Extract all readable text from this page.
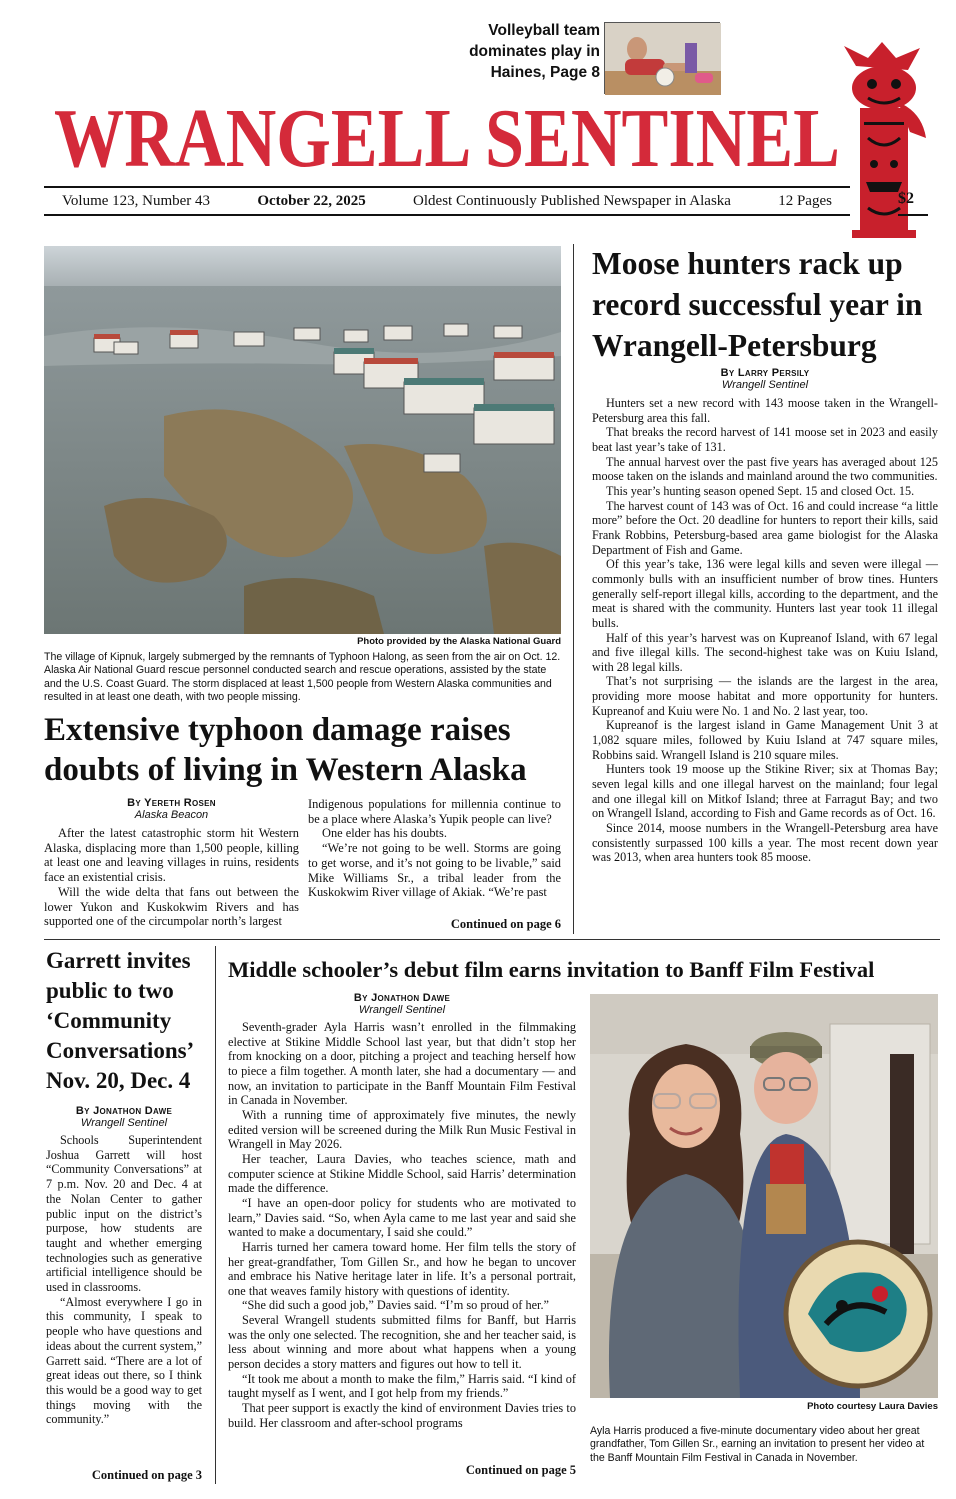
Volleyball team dominates play in Haines, Page 8
WRANGELL SENTINEL
Volume 123, Number 43	October 22, 2025	Oldest Continuously Published Newspaper in Alaska	12 Pages	$2
Photo provided by the Alaska National Guard
The village of Kipnuk, largely submerged by the remnants of Typhoon Halong, as seen from the air on Oct. 12. Alaska Air National Guard rescue personnel conducted search and rescue operations, assisted by the state and the U.S. Coast Guard. The storm displaced at least 1,500 people from Western Alaska communities and resulted in at least one death, with two people missing.
Extensive typhoon damage raises doubts of living in Western Alaska
By Yereth Rosen
Alaska Beacon

After the latest catastrophic storm hit Western Alaska, displacing more than 1,500 people, killing at least one and leaving villages in ruins, residents face an existential crisis.

Will the wide delta that fans out between the lower Yukon and Kuskokwim Rivers and has supported one of the circumpolar north’s largest

Indigenous populations for millennia continue to be a place where Alaska’s Yupik people can live?

One elder has his doubts.

“We’re not going to be well. Storms are going to get worse, and it’s not going to be livable,” said Mike Williams Sr., a tribal leader from the Kuskokwim River village of Akiak. “We’re past

Continued on page 6
Moose hunters rack up record successful year in Wrangell-Petersburg
By Larry Persily
Wrangell Sentinel

Hunters set a new record with 143 moose taken in the Wrangell-Petersburg area this fall.

That breaks the record harvest of 141 moose set in 2023 and easily beat last year’s take of 131.

The annual harvest over the past five years has averaged about 125 moose taken on the islands and mainland around the two communities.

This year’s hunting season opened Sept. 15 and closed Oct. 15.

The harvest count of 143 was of Oct. 16 and could increase “a little more” before the Oct. 20 deadline for hunters to report their kills, said Frank Robbins, Petersburg-based area game biologist for the Alaska Department of Fish and Game.

Of this year’s take, 136 were legal kills and seven were illegal — commonly bulls with an insufficient number of brow tines. Hunters generally self-report illegal kills, according to the department, and the meat is shared with the community. Hunters last year took 11 illegal bulls.

Half of this year’s harvest was on Kupreanof Island, with 67 legal and five illegal kills. The second-highest take was on Kuiu Island, with 28 legal kills.

That’s not surprising — the islands are the largest in the area, providing more moose habitat and more opportunity for hunters. Kupreanof and Kuiu were No. 1 and No. 2 last year, too.

Kupreanof is the largest island in Game Management Unit 3 at 1,082 square miles, followed by Kuiu Island at 747 square miles, Robbins said. Wrangell Island is 210 square miles.

Hunters took 19 moose up the Stikine River; six at Thomas Bay; seven legal kills and one illegal harvest on the mainland; four legal and one illegal kill on Mitkof Island; three at Farragut Bay; and two on Wrangell Island, according to Fish and Game records as of Oct. 16.

Since 2014, moose numbers in the Wrangell-Petersburg area have consistently surpassed 100 kills a year. The most recent down year was 2013, when area hunters took 85 moose.

Garrett invites public to two ‘Community Conversations’ Nov. 20, Dec. 4
By Jonathon Dawe
Wrangell Sentinel

Schools Superintendent Joshua Garrett will host “Community Conversations” at 7 p.m. Nov. 20 and Dec. 4 at the Nolan Center to gather public input on the district’s purpose, how students are taught and whether emerging technologies such as generative artificial intelligence should be used in classrooms.

“Almost everywhere I go in this community, I speak to people who have questions and ideas about the current system,” Garrett said. “There are a lot of great ideas out there, so I think this would be a good way to get things moving with the community.”

Continued on page 3
Middle schooler’s debut film earns invitation to Banff Film Festival
By Jonathon Dawe
Wrangell Sentinel

Seventh-grader Ayla Harris wasn’t enrolled in the filmmaking elective at Stikine Middle School last year, but that didn’t stop her from knocking on a door, pitching a project and teaching herself how to piece a film together. A month later, she had a documentary — and now, an invitation to participate in the Banff Mountain Film Festival in Canada in November.

With a running time of approximately five minutes, the newly edited version will be screened during the Milk Run Music Festival in Wrangell in May 2026.

Her teacher, Laura Davies, who teaches science, math and computer science at Stikine Middle School, said Harris’ determination made the difference.

“I have an open-door policy for students who are motivated to learn,” Davies said. “So, when Ayla came to me last year and said she wanted to make a documentary, I said she could.”

Harris turned her camera toward home. Her film tells the story of her great-grandfather, Tom Gillen Sr., and how he began to uncover and embrace his Native heritage later in life. It’s a personal portrait, one that weaves family history with questions of identity.

“She did such a good job,” Davies said. “I’m so proud of her.”

Several Wrangell students submitted films for Banff, but Harris was the only one selected. The recognition, she and her teacher said, is less about winning and more about what happens when a young person decides a story matters and figures out how to tell it.

“It took me about a month to make the film,” Harris said. “I kind of taught myself as I went, and I got help from my friends.”

That peer support is exactly the kind of environment Davies tries to build. Her classroom and after-school programs

Continued on page 5
Photo courtesy Laura Davies
Ayla Harris produced a five-minute documentary video about her great grandfather, Tom Gillen Sr., earning an invitation to present her video at the Banff Mountain Film Festival in Canada in November.
